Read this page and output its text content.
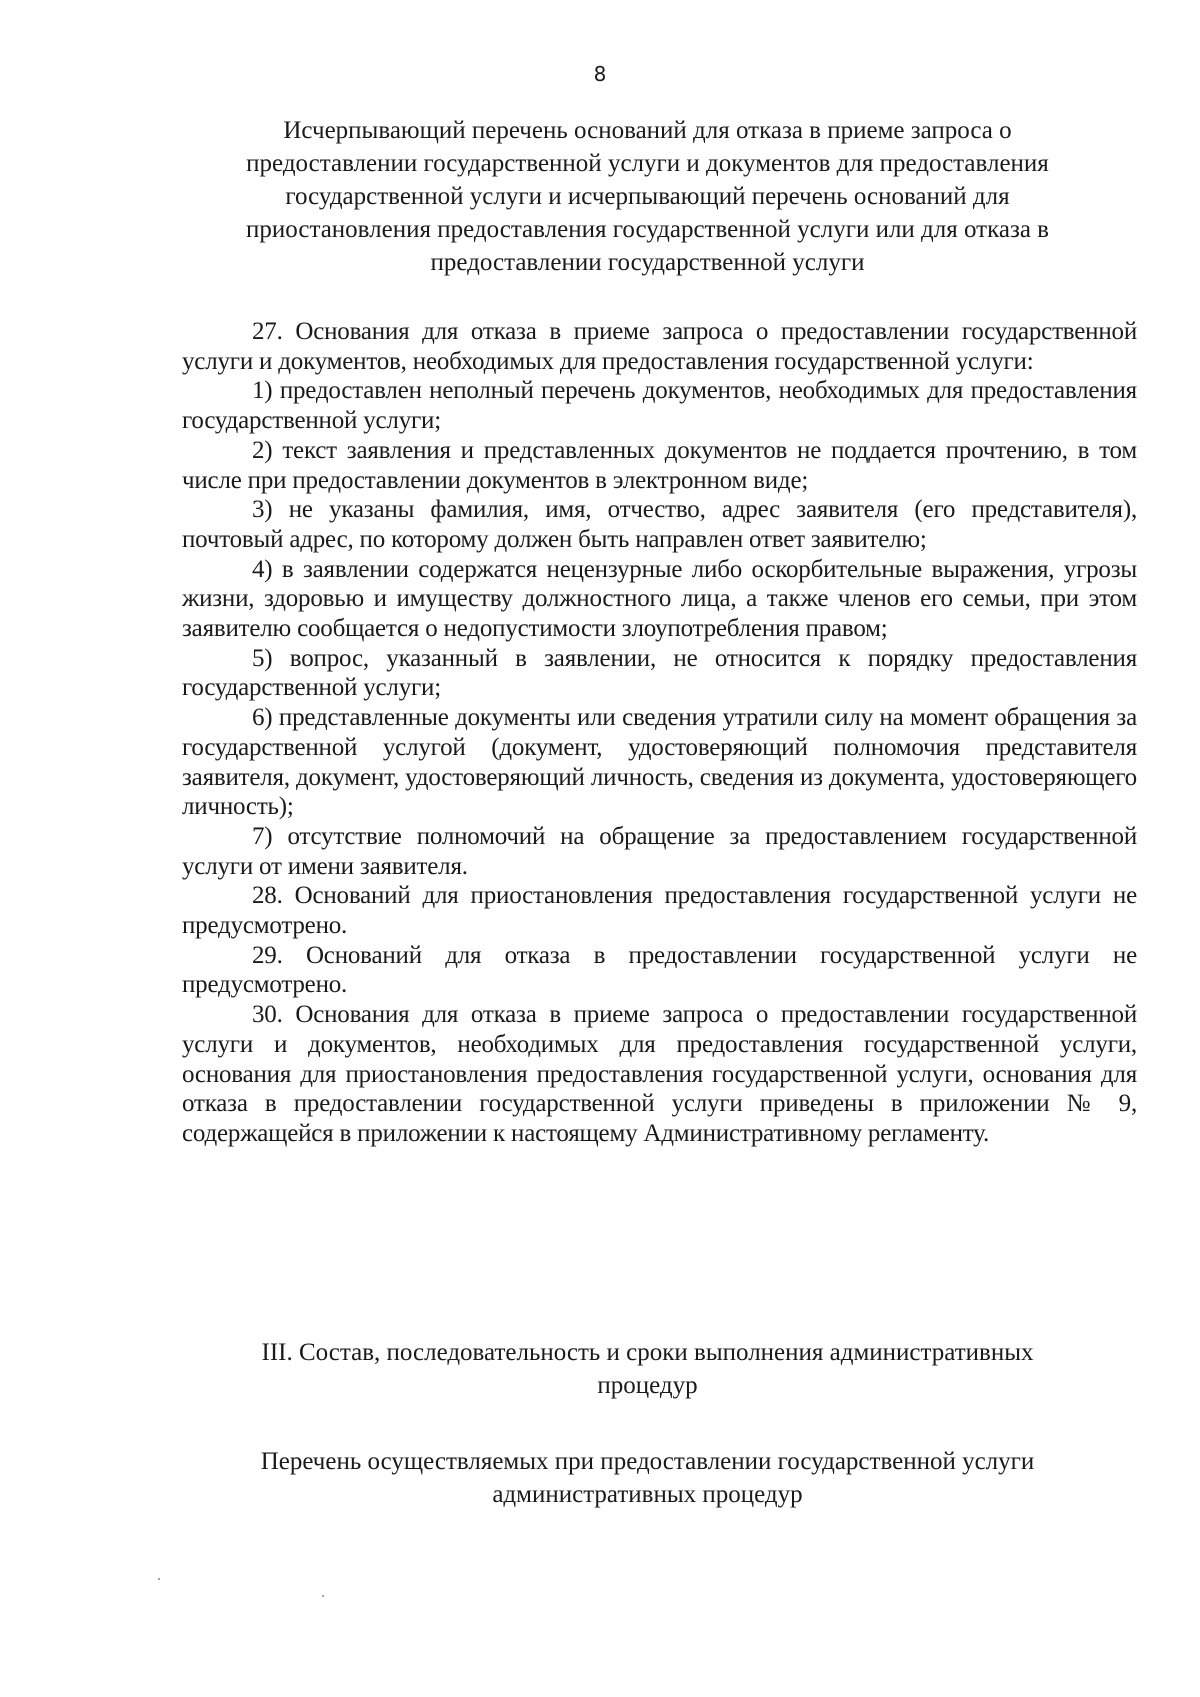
8
Исчерпывающий перечень оснований для отказа в приеме запроса о
предоставлении государственной услуги и документов для предоставления
государственной услуги и исчерпывающий перечень оснований для
приостановления предоставления государственной услуги или для отказа в
предоставлении государственной услуги

27. Основания для отказа в приеме запроса о предоставлении государственной услуги и документов, необходимых для предоставления государственной услуги:

1) предоставлен неполный перечень документов, необходимых для предоставления государственной услуги;

2) текст заявления и представленных документов не поддается прочтению, в том числе при предоставлении документов в электронном виде;

3) не указаны фамилия, имя, отчество, адрес заявителя (его представителя), почтовый адрес, по которому должен быть направлен ответ заявителю;

4) в заявлении содержатся нецензурные либо оскорбительные выражения, угрозы жизни, здоровью и имуществу должностного лица, а также членов его семьи, при этом заявителю сообщается о недопустимости злоупотребления правом;

5) вопрос, указанный в заявлении, не относится к порядку предоставления государственной услуги;

6) представленные документы или сведения утратили силу на момент обращения за государственной услугой (документ, удостоверяющий полномочия представителя заявителя, документ, удостоверяющий личность, сведения из документа, удостоверяющего личность);

7) отсутствие полномочий на обращение за предоставлением государственной услуги от имени заявителя.

28. Оснований для приостановления предоставления государственной услуги не предусмотрено.

29. Оснований для отказа в предоставлении государственной услуги не предусмотрено.

30. Основания для отказа в приеме запроса о предоставлении государственной услуги и документов, необходимых для предоставления государственной услуги, основания для приостановления предоставления государственной услуги, основания для отказа в предоставлении государственной услуги приведены в приложении № 9, содержащейся в приложении к настоящему Административному регламенту.

III. Состав, последовательность и сроки выполнения административных
процедур
Перечень осуществляемых при предоставлении государственной услуги
административных процедур
